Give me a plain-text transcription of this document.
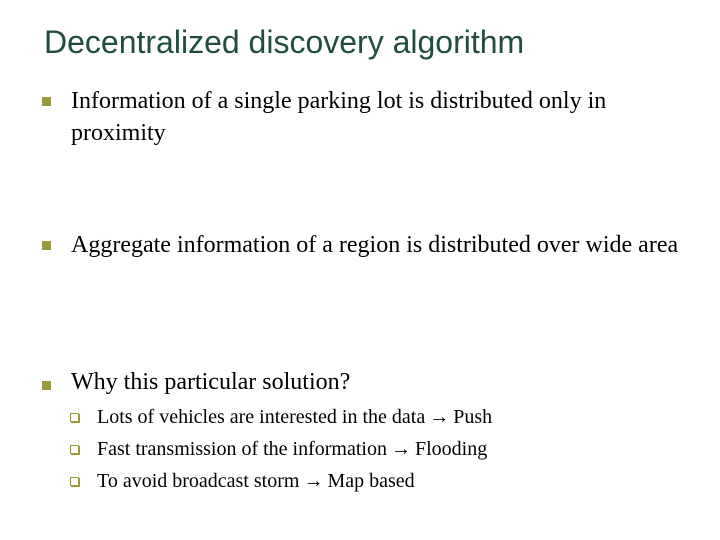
Decentralized discovery algorithm
Information of a single parking lot is distributed only in proximity
Aggregate information of a region is distributed over wide area
Why this particular solution?
Lots of vehicles are interested in the data → Push
Fast transmission of the information → Flooding
To avoid broadcast storm → Map based
